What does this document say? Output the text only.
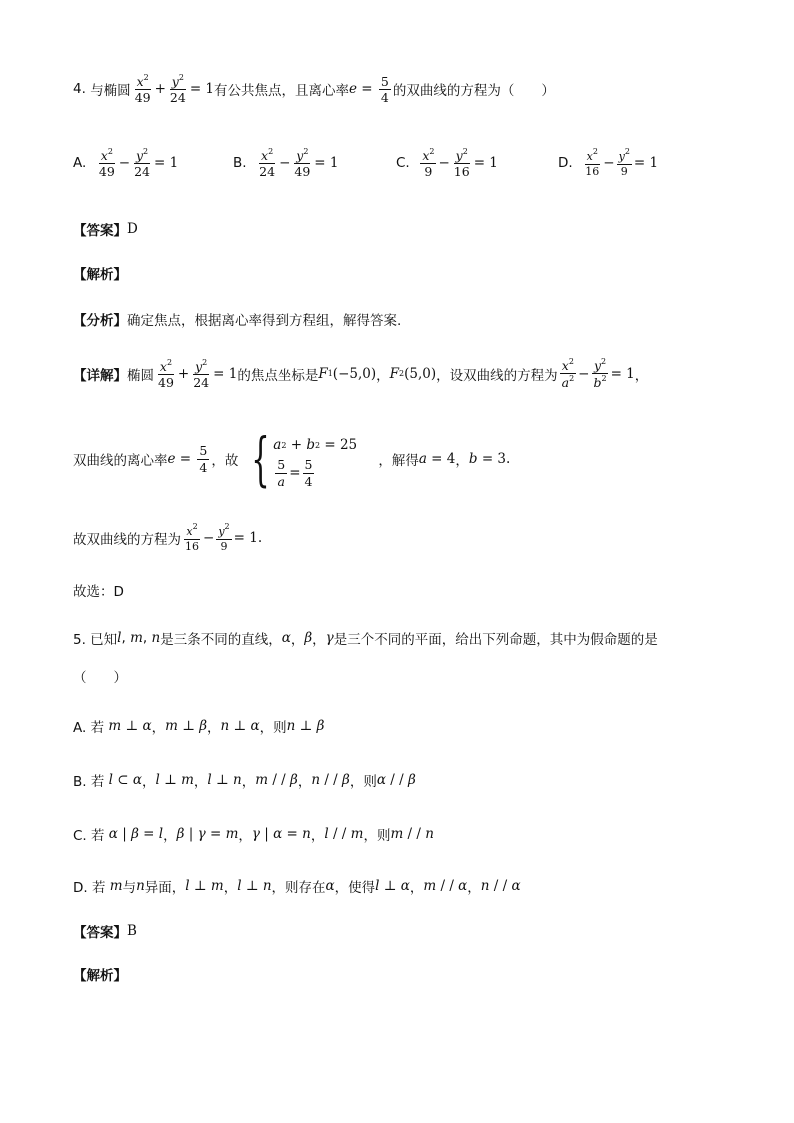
4.
与椭圆 $\frac{x^2}{49} + \frac{y^2}{24} = 1$ 有公共焦点，且离心率 $e = \frac{5}{4}$ 的双曲线的方程为（　　）
A.
$\frac{x^2}{49} - \frac{y^2}{24} = 1$	B.
$\frac{x^2}{24} - \frac{y^2}{49} = 1$	C.
$\frac{x^2}{9} - \frac{y^2}{16} = 1$	D.
$\frac{x^2}{16} - \frac{y^2}{9} = 1$
【答案】 D
【解析】
【分析】 确定焦点，根据离心率得到方程组，解得答案.
【详解】 椭圆 $\frac{x^2}{49} + \frac{y^2}{24} = 1$ 的焦点坐标是 F 1 (−5,0) ， F 2 (5,0) ，设双曲线的方程为 $\frac{x^2}{a^2} - \frac{y^2}{b^2} = 1$ ，
双曲线的离心率 $e = \frac{5}{4}$ ，故 { a 2 + b 2 = 25
$\frac{5}{a} = \frac{5}{4}$
	，解得 a = 4 ， b = 3 .
故双曲线的方程为 $\frac{x^2}{16} - \frac{y^2}{9} = 1$.
故选：D
5. 已知 l , m , n 是三条不同的直线， α ， β ， γ 是三个不同的平面，给出下列命题，其中为假命题的是
（　　）
A. 若 m ⊥ α ， m ⊥ β ， n ⊥ α ， 则 n ⊥ β
B. 若 l ⊂ α ， l ⊥ m ， l ⊥ n ， m / / β ， n / / β ， 则 α / / β
C. 若 α | β = l ， β | γ = m ， γ | α = n ， l / / m ， 则 m / / n
D. 若 m 与 n 异面， l ⊥ m ， l ⊥ n ，则存在 α ，使得 l ⊥ α ， m / / α ， n / / α
【答案】 B
【解析】
